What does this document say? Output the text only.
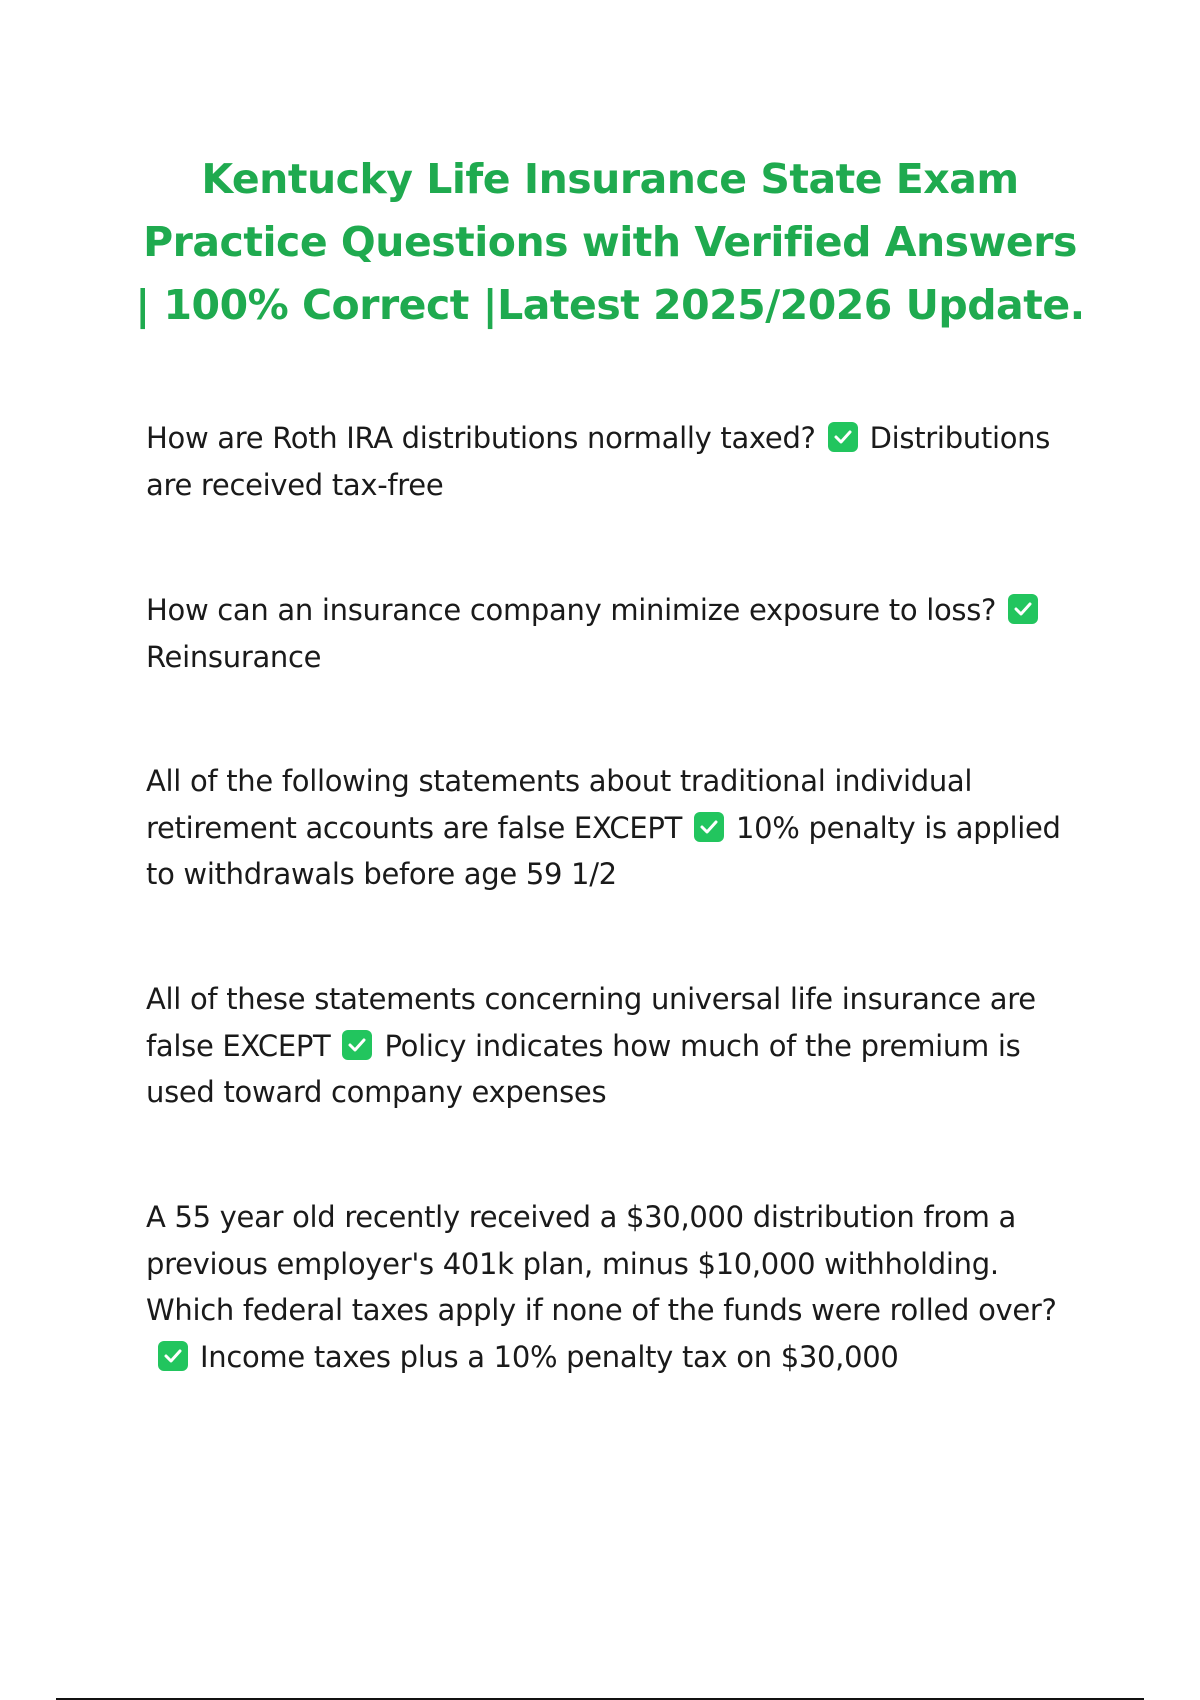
Kentucky Life Insurance State Exam Practice Questions with Verified Answers | 100% Correct |Latest 2025/2026 Update.

How are Roth IRA distributions normally taxed? Distributions are received tax-free

How can an insurance company minimize exposure to loss?
Reinsurance

All of the following statements about traditional individual retirement accounts are false EXCEPT 10% penalty is applied to withdrawals before age 59 1/2

All of these statements concerning universal life insurance are false EXCEPT Policy indicates how much of the premium is used toward company expenses

A 55 year old recently received a $30,000 distribution from a previous employer's 401k plan, minus $10,000 withholding. Which federal taxes apply if none of the funds were rolled over?
Income taxes plus a 10% penalty tax on $30,000
